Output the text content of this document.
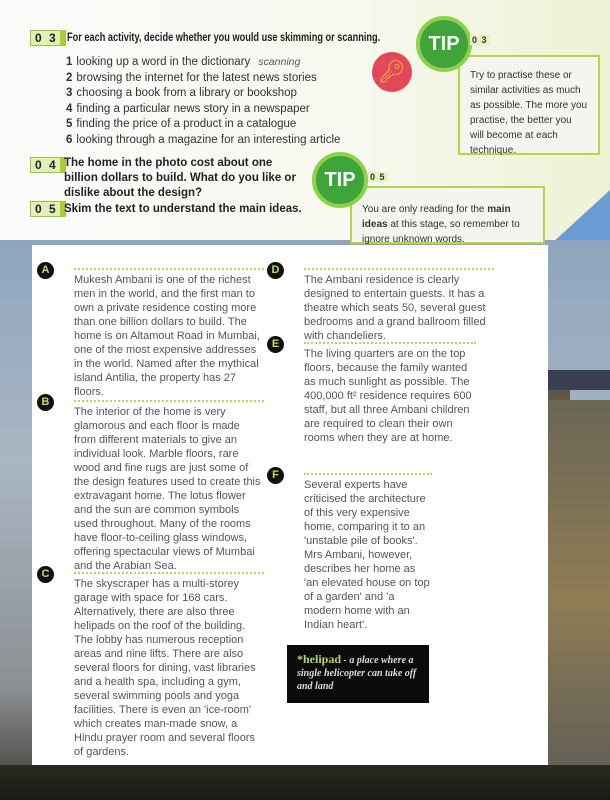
0 3 For each activity, decide whether you would use skimming or scanning.
1 looking up a word in the dictionary scanning
2 browsing the internet for the latest news stories
3 choosing a book from a library or bookshop
4 finding a particular news story in a newspaper
5 finding the price of a product in a catalogue
6 looking through a magazine for an interesting article
🔑︎
0 4 The home in the photo cost about one billion dollars to build. What do you like or dislike about the design?
0 5 Skim the text to understand the main ideas.
Try to practise these or similar activities as much as possible. The more you practise, the better you will become at each technique.
TIP	0 3
You are only reading for the main ideas at this stage, so remember to ignore unknown words.
TIP	0 5
A
Mukesh Ambani is one of the richest men in the world, and the first man to own a private residence costing more than one billion dollars to build. The home is on Altamout Road in Mumbai, one of the most expensive addresses in the world. Named after the mythical island Antilia, the property has 27 floors.
B
The interior of the home is very glamorous and each floor is made from different materials to give an individual look. Marble floors, rare wood and fine rugs are just some of the design features used to create this extravagant home. The lotus flower and the sun are common symbols used throughout. Many of the rooms have floor-to-ceiling glass windows, offering spectacular views of Mumbai and the Arabian Sea.
C
The skyscraper has a multi-storey garage with space for 168 cars. Alternatively, there are also three helipads on the roof of the building. The lobby has numerous reception areas and nine lifts. There are also several floors for dining, vast libraries and a health spa, including a gym, several swimming pools and yoga facilities. There is even an 'ice-room' which creates man-made snow, a Hindu prayer room and several floors of gardens.
D
The Ambani residence is clearly designed to entertain guests. It has a theatre which seats 50, several guest bedrooms and a grand ballroom filled with chandeliers.
E
The living quarters are on the top floors, because the family wanted as much sunlight as possible. The 400,000 ft² residence requires 600 staff, but all three Ambani children are required to clean their own rooms when they are at home.
F
Several experts have criticised the architecture of this very expensive home, comparing it to an 'unstable pile of books'. Mrs Ambani, however, describes her home as 'an elevated house on top of a garden' and 'a modern home with an Indian heart'.
*helipad - a place where a single helicopter can take off and land
